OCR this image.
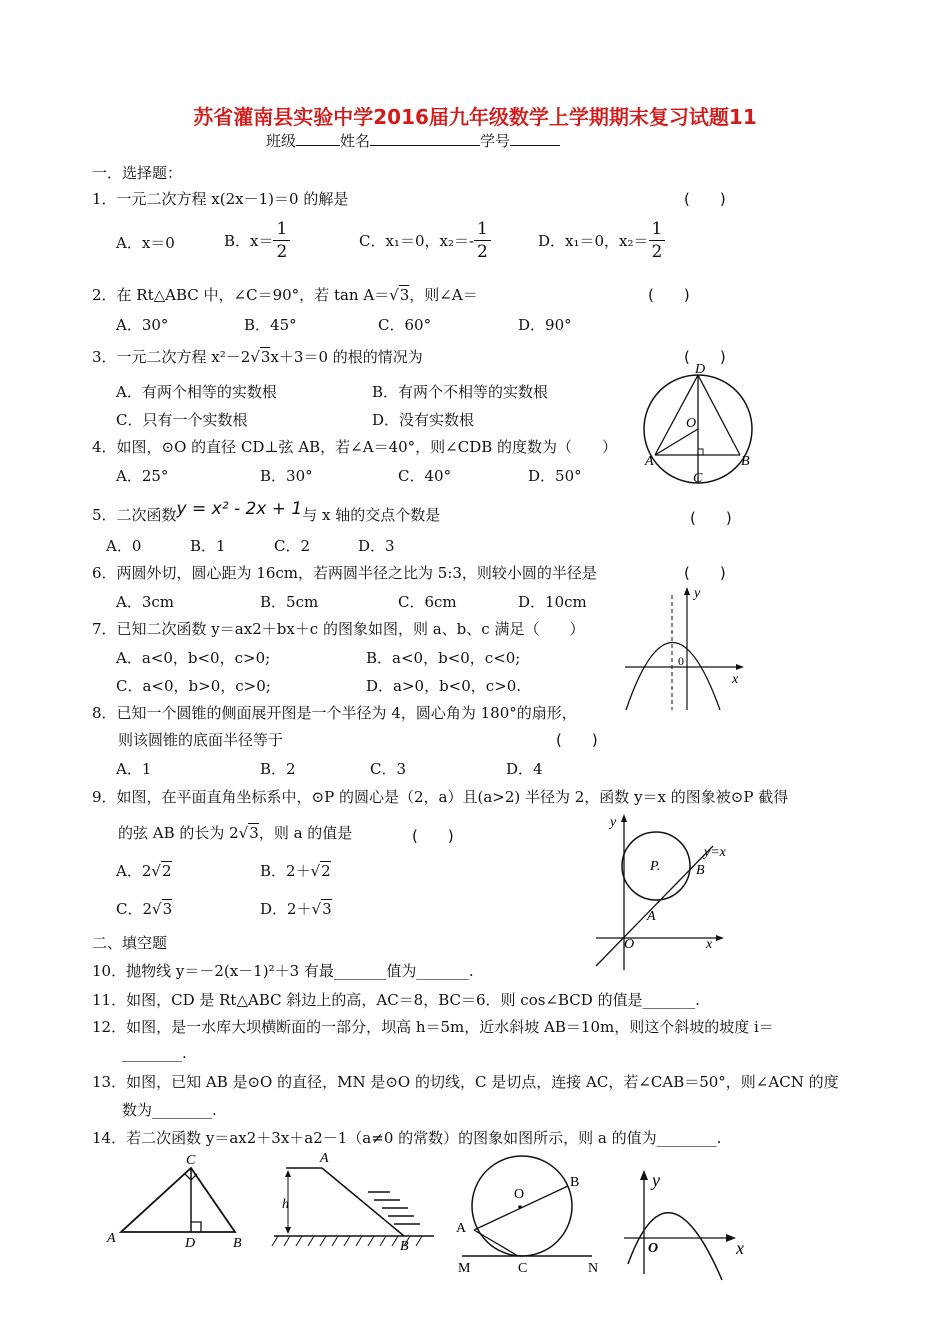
苏省灌南县实验中学2016届九年级数学上学期期末复习试题11
班级	姓名	学号
一．选择题：
1．一元二次方程 x(2x－1)＝0 的解是	(　　)
A．x＝0	B．$x= \frac{1}{2}$	C．x₁＝0，$x_2=- \frac{1}{2}$	D．x₁＝0，$x_2= \frac{1}{2}$
2．在 Rt△ABC 中，∠C＝90°，若 tan A＝√3，则∠A＝	(　　)
A．30°	B．45°	C．60°	D．90°
3．一元二次方程 x²－2√3x＋3＝0 的根的情况为	(　　)
A．有两个相等的实数根	B．有两个不相等的实数根
C．只有一个实数根	D．没有实数根
D
O
A	B
C
4．如图，⊙O 的直径 CD⊥弦 AB，若∠A＝40°，则∠CDB 的度数为（　　）
A．25°	B．30°	C．40°	D．50°
5．二次函数y = x² - 2x + 1与 x 轴的交点个数是	(　　)
A．0	B．1	C．2	D．3
6．两圆外切，圆心距为 16cm，若两圆半径之比为 5:3，则较小圆的半径是	(　　)
A．3cm	B．5cm	C．6cm	D．10cm	y
x
0
7．已知二次函数 y＝ax2＋bx＋c 的图象如图，则 a、b、c 满足（　　）
A．a<0，b<0，c>0;	B．a<0，b<0，c<0;
C．a<0，b>0，c>0;	D．a>0，b<0，c>0.
8．已知一个圆锥的侧面展开图是一个半径为 4，圆心角为 180°的扇形，
则该圆锥的底面半径等于	(　　)
A．1	B．2	C．3	D．4
9．如图，在平面直角坐标系中，⊙P 的圆心是（2，a）且(a>2) 半径为 2，函数 y＝x 的图象被⊙P 截得
的弦 AB 的长为 2√3，则 a 的值是	(　　)
A．2√2	B．2＋√2
C．2√3	D．2＋√3
y
y=x
P.	B
A
O	x
二、填空题
10．抛物线 y＝－2(x－1)²＋3 有最_______值为_______.
11．如图，CD 是 Rt△ABC 斜边上的高，AC＝8，BC＝6．则 cos∠BCD 的值是_______.
12．如图，是一水库大坝横断面的一部分，坝高 h＝5m，近水斜坡 AB＝10m，则这个斜坡的坡度 i＝
________.
13．如图，已知 AB 是⊙O 的直径，MN 是⊙O 的切线，C 是切点，连接 AC，若∠CAB＝50°，则∠ACN 的度
数为________.
14．若二次函数 y＝ax2＋3x＋a2－1（a≠0 的常数）的图象如图所示，则 a 的值为________.
C
A	D	B
A
h
B
O
A
B
M	C	N
y
O	x
